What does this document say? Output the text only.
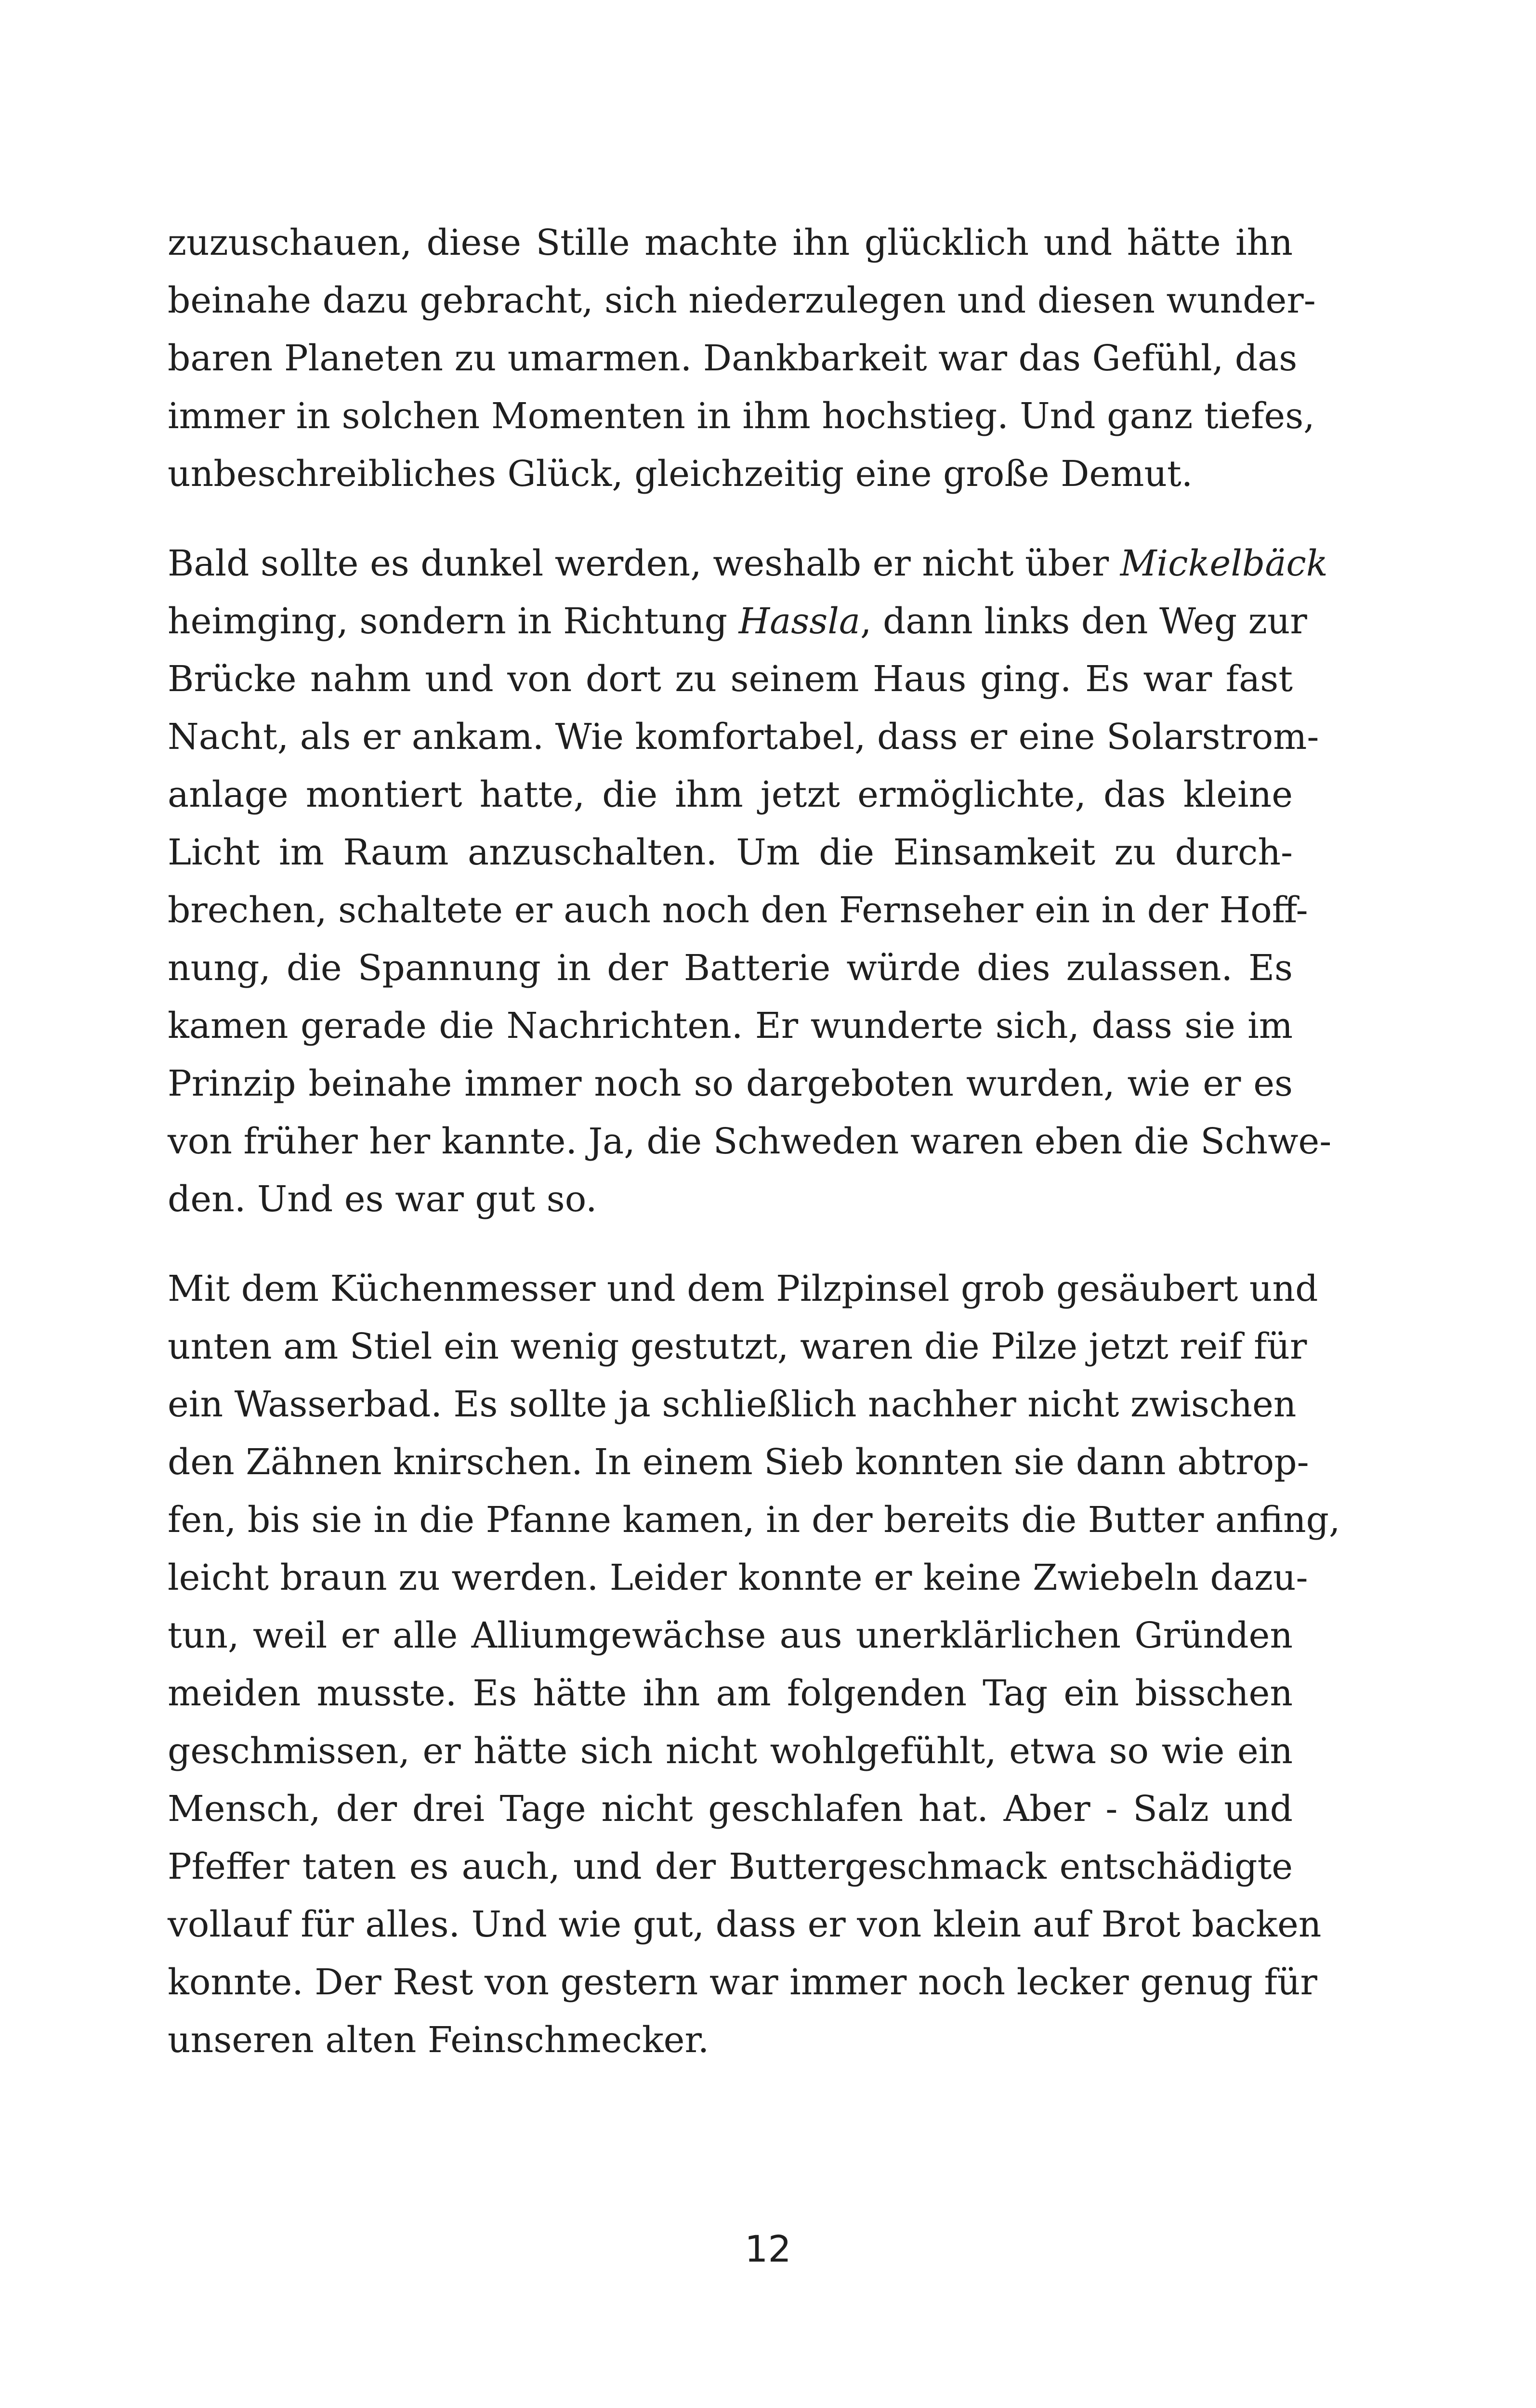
zuzuschauen, diese Stille machte ihn glücklich und hätte ihn
beinahe dazu gebracht, sich niederzulegen und diesen wunder-
baren Planeten zu umarmen. Dankbarkeit war das Gefühl, das
immer in solchen Momenten in ihm hochstieg. Und ganz tiefes,
unbeschreibliches Glück, gleichzeitig eine große Demut.
Bald sollte es dunkel werden, weshalb er nicht über Mickelbäck
heimging, sondern in Richtung Hassla, dann links den Weg zur
Brücke nahm und von dort zu seinem Haus ging. Es war fast
Nacht, als er ankam. Wie komfortabel, dass er eine Solarstrom-
anlage montiert hatte, die ihm jetzt ermöglichte, das kleine
Licht im Raum anzuschalten. Um die Einsamkeit zu durch-
brechen, schaltete er auch noch den Fernseher ein in der Hoff-
nung, die Spannung in der Batterie würde dies zulassen. Es
kamen gerade die Nachrichten. Er wunderte sich, dass sie im
Prinzip beinahe immer noch so dargeboten wurden, wie er es
von früher her kannte. Ja, die Schweden waren eben die Schwe-
den. Und es war gut so.
Mit dem Küchenmesser und dem Pilzpinsel grob gesäubert und
unten am Stiel ein wenig gestutzt, waren die Pilze jetzt reif für
ein Wasserbad. Es sollte ja schließlich nachher nicht zwischen
den Zähnen knirschen. In einem Sieb konnten sie dann abtrop-
fen, bis sie in die Pfanne kamen, in der bereits die Butter anfing,
leicht braun zu werden. Leider konnte er keine Zwiebeln dazu-
tun, weil er alle Alliumgewächse aus unerklärlichen Gründen
meiden musste. Es hätte ihn am folgenden Tag ein bisschen
geschmissen, er hätte sich nicht wohlgefühlt, etwa so wie ein
Mensch, der drei Tage nicht geschlafen hat. Aber - Salz und
Pfeffer taten es auch, und der Buttergeschmack entschädigte
vollauf für alles. Und wie gut, dass er von klein auf Brot backen
konnte. Der Rest von gestern war immer noch lecker genug für
unseren alten Feinschmecker.
12
